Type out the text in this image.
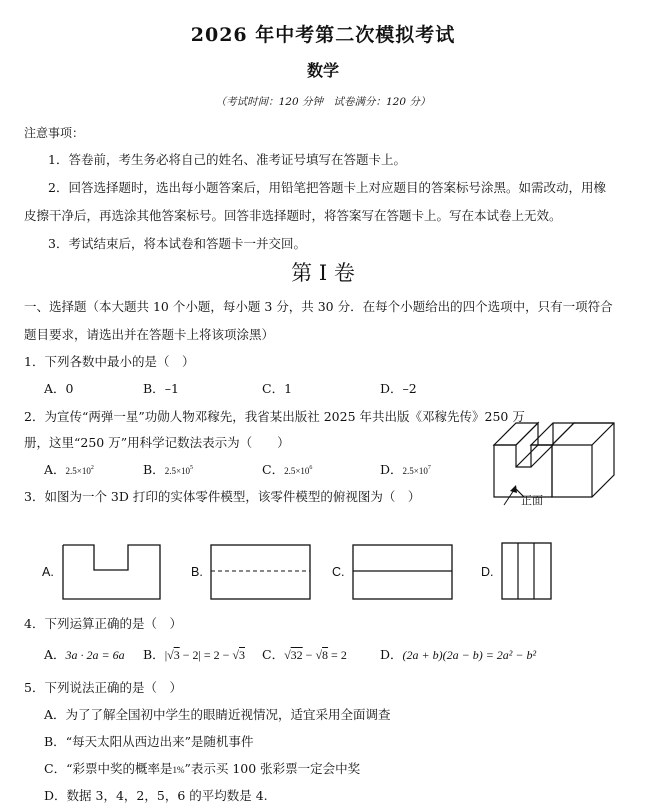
2026 年中考第二次模拟考试
数学
（考试时间：120 分钟　试卷满分：120 分）
注意事项：
1．答卷前，考生务必将自己的姓名、准考证号填写在答题卡上。
2．回答选择题时，选出每小题答案后，用铅笔把答题卡上对应题目的答案标号涂黑。如需改动，用橡
皮擦干净后，再选涂其他答案标号。回答非选择题时，将答案写在答题卡上。写在本试卷上无效。
3．考试结束后，将本试卷和答题卡一并交回。
第 I 卷
一、选择题（本大题共 10 个小题，每小题 3 分，共 30 分．在每个小题给出的四个选项中，只有一项符合
题目要求，请选出并在答题卡上将该项涂黑）
1．下列各数中最小的是（　）
A．0	B．–1	C．1	D．–2
2．为宣传“两弹一星”功勋人物邓稼先，我省某出版社 2025 年共出版《邓稼先传》250 万
册，这里“250 万”用科学记数法表示为（　　）
A．$2.5\times 10^2$	B．$2.5\times 10^5$	C．$2.5\times 10^6$	D．$2.5\times 10^7$
正面
3．如图为一个 3D 打印的实体零件模型，该零件模型的俯视图为（　）
A.	B.	C.	D.
4．下列运算正确的是（　）
A．3a · 2a = 6a B．|√3 − 2| = 2 − √3 C．√32 − √8 = 2	D．(2a + b)(2a − b) = 2a² − b²
5．下列说法正确的是（　）
A．为了了解全国初中学生的眼睛近视情况，适宜采用全面调查
B．“每天太阳从西边出来”是随机事件
C．“彩票中奖的概率是1%”表示买 100 张彩票一定会中奖
D．数据 3，4，2，5，6 的平均数是 4.
